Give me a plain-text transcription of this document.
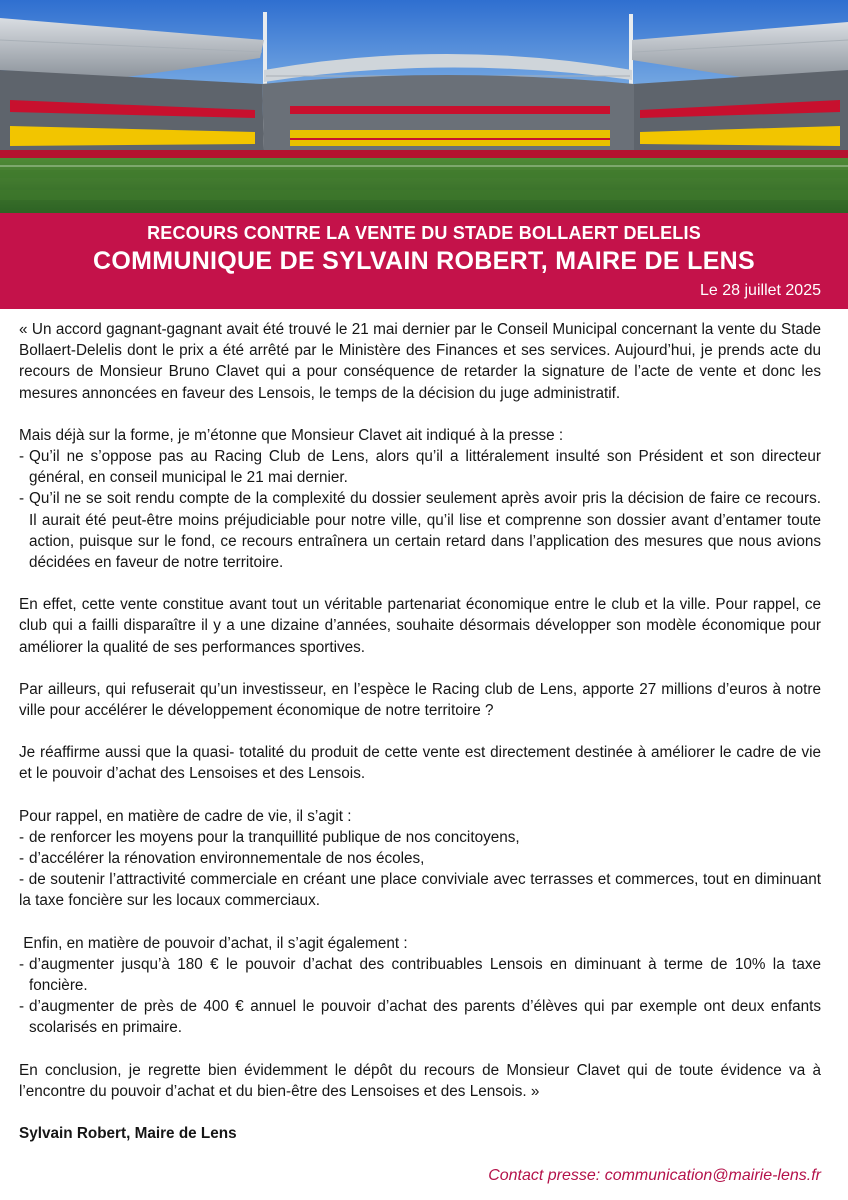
RECOURS CONTRE LA VENTE DU STADE BOLLAERT DELELIS
COMMUNIQUE DE SYLVAIN ROBERT, MAIRE DE LENS
Le 28 juillet 2025

« Un accord gagnant-gagnant avait été trouvé le 21 mai dernier par le Conseil Municipal concernant la vente du Stade Bollaert-Delelis dont le prix a été arrêté par le Ministère des Finances et ses services. Aujourd’hui, je prends acte du recours de Monsieur Bruno Clavet qui a pour conséquence de retarder la signature de l’acte de vente et donc les mesures annoncées en faveur des Lensois, le temps de la décision du juge administratif.

Mais déjà sur la forme, je m’étonne que Monsieur Clavet ait indiqué à la presse :

- Qu’il ne s’oppose pas au Racing Club de Lens, alors qu’il a littéralement insulté son Président et son directeur général, en conseil municipal le 21 mai dernier.
- Qu’il ne se soit rendu compte de la complexité du dossier seulement après avoir pris la décision de faire ce recours. Il aurait été peut-être moins préjudiciable pour notre ville, qu’il lise et comprenne son dossier avant d’entamer toute action, puisque sur le fond, ce recours entraînera un certain retard dans l’application des mesures que nous avions décidées en faveur de notre territoire.

En effet, cette vente constitue avant tout un véritable partenariat économique entre le club et la ville. Pour rappel, ce club qui a failli disparaître il y a une dizaine d’années, souhaite désormais développer son modèle économique pour améliorer la qualité de ses performances sportives.

Par ailleurs, qui refuserait qu’un investisseur, en l’espèce le Racing club de Lens, apporte 27 millions d’euros à notre ville pour accélérer le développement économique de notre territoire ?

Je réaffirme aussi que la quasi- totalité du produit de cette vente est directement destinée à améliorer le cadre de vie et le pouvoir d’achat des Lensoises et des Lensois.

Pour rappel, en matière de cadre de vie, il s’agit :

- de renforcer les moyens pour la tranquillité publique de nos concitoyens,
- d’accélérer la rénovation environnementale de nos écoles,
- de soutenir l’attractivité commerciale en créant une place conviviale avec terrasses et commerces, tout en diminuant la taxe foncière sur les locaux commerciaux.

Enfin, en matière de pouvoir d’achat, il s’agit également :

- d’augmenter jusqu’à 180 € le pouvoir d’achat des contribuables Lensois en diminuant à terme de 10% la taxe foncière.
- d’augmenter de près de 400 € annuel le pouvoir d’achat des parents d’élèves qui par exemple ont deux enfants scolarisés en primaire.

En conclusion, je regrette bien évidemment le dépôt du recours de Monsieur Clavet qui de toute évidence va à l’encontre du pouvoir d’achat et du bien-être des Lensoises et des Lensois. »

Sylvain Robert, Maire de Lens

Contact presse: communication@mairie-lens.fr
